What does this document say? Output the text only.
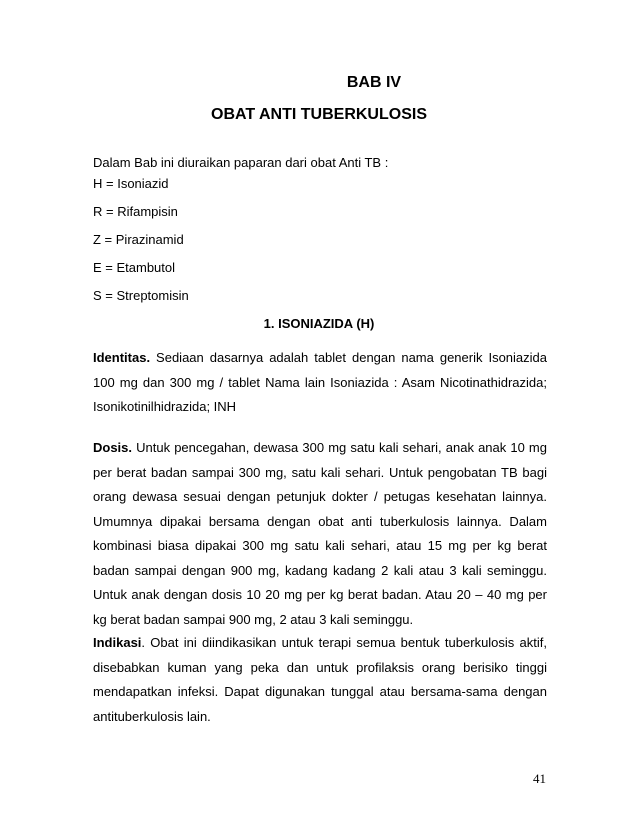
BAB IV
OBAT ANTI TUBERKULOSIS
Dalam Bab ini diuraikan paparan dari obat Anti TB :
H = Isoniazid
R = Rifampisin
Z = Pirazinamid
E = Etambutol
S = Streptomisin
1. ISONIAZIDA (H)

Identitas. Sediaan dasarnya adalah tablet dengan nama generik Isoniazida 100 mg dan 300 mg / tablet Nama lain Isoniazida : Asam Nicotinathidrazida; Isonikotinilhidrazida; INH

Dosis. Untuk pencegahan, dewasa 300 mg satu kali sehari, anak anak 10 mg per berat badan sampai 300 mg, satu kali sehari. Untuk pengobatan TB bagi orang dewasa sesuai dengan petunjuk dokter / petugas kesehatan lainnya. Umumnya dipakai bersama dengan obat anti tuberkulosis lainnya. Dalam kombinasi biasa dipakai 300 mg satu kali sehari, atau 15 mg per kg berat badan sampai dengan 900 mg, kadang kadang 2 kali atau 3 kali seminggu. Untuk anak dengan dosis 10 20 mg per kg berat badan. Atau 20 – 40 mg per kg berat badan sampai 900 mg, 2 atau 3 kali seminggu.

Indikasi. Obat ini diindikasikan untuk terapi semua bentuk tuberkulosis aktif, disebabkan kuman yang peka dan untuk profilaksis orang berisiko tinggi mendapatkan infeksi. Dapat digunakan tunggal atau bersama-sama dengan antituberkulosis lain.

41
